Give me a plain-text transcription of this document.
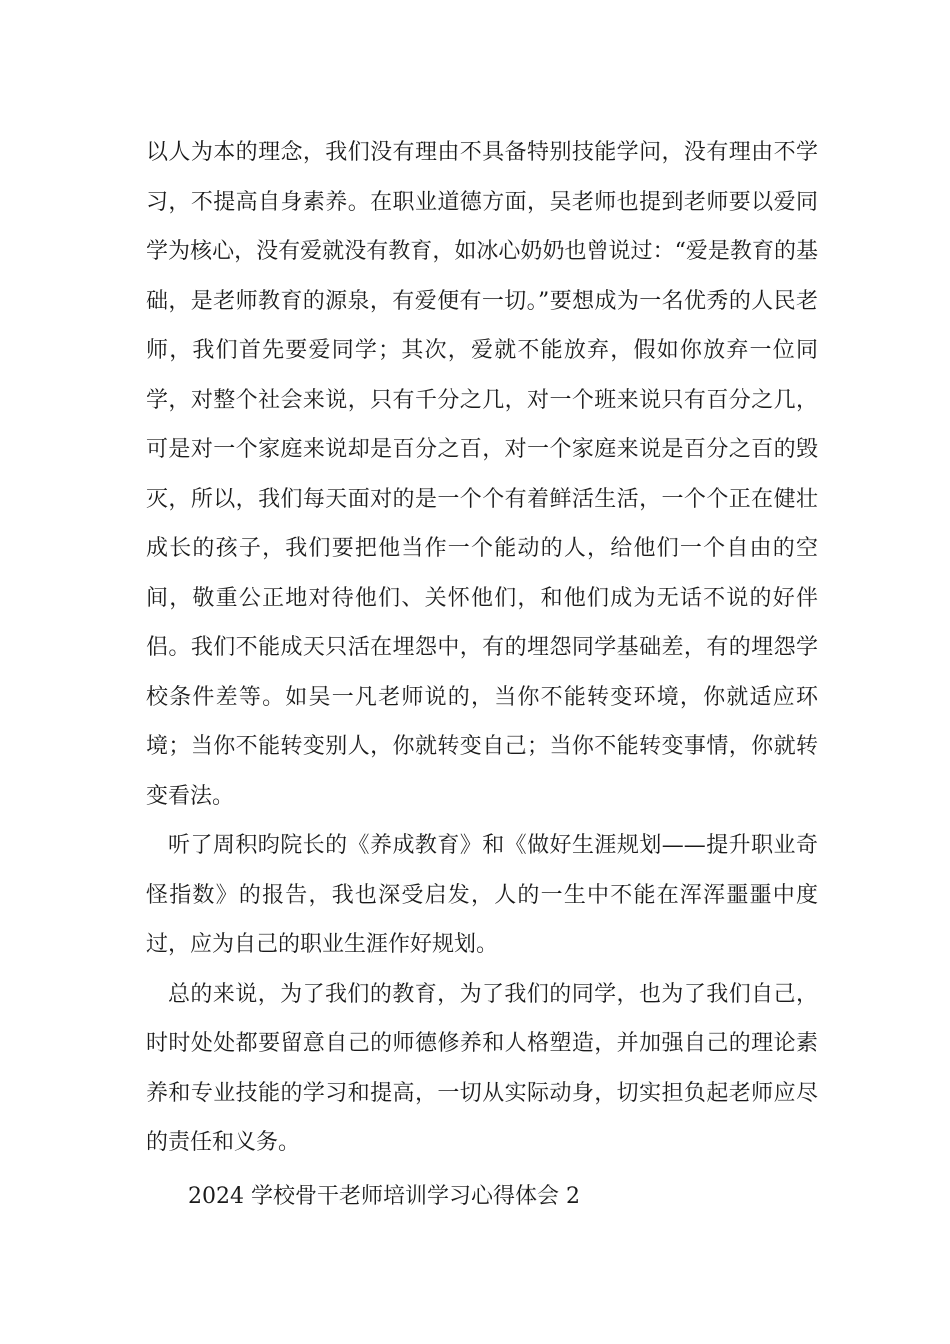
以人为本的理念，我们没有理由不具备特别技能学问，没有理由不学习，不提高自身素养。在职业道德方面，吴老师也提到老师要以爱同学为核心，没有爱就没有教育，如冰心奶奶也曾说过：“爱是教育的基础，是老师教育的源泉，有爱便有一切。”要想成为一名优秀的人民老师，我们首先要爱同学；其次，爱就不能放弃，假如你放弃一位同学，对整个社会来说，只有千分之几，对一个班来说只有百分之几，可是对一个家庭来说却是百分之百，对一个家庭来说是百分之百的毁灭，所以，我们每天面对的是一个个有着鲜活生活，一个个正在健壮成长的孩子，我们要把他当作一个能动的人，给他们一个自由的空间，敬重公正地对待他们、关怀他们，和他们成为无话不说的好伴侣。我们不能成天只活在埋怨中，有的埋怨同学基础差，有的埋怨学校条件差等。如吴一凡老师说的，当你不能转变环境，你就适应环境；当你不能转变别人，你就转变自己；当你不能转变事情，你就转变看法。

听了周积昀院长的《养成教育》和《做好生涯规划——提升职业奇怪指数》的报告，我也深受启发，人的一生中不能在浑浑噩噩中度过，应为自己的职业生涯作好规划。

总的来说，为了我们的教育，为了我们的同学，也为了我们自己，时时处处都要留意自己的师德修养和人格塑造，并加强自己的理论素养和专业技能的学习和提高，一切从实际动身，切实担负起老师应尽的责任和义务。

2024 学校骨干老师培训学习心得体会 2
